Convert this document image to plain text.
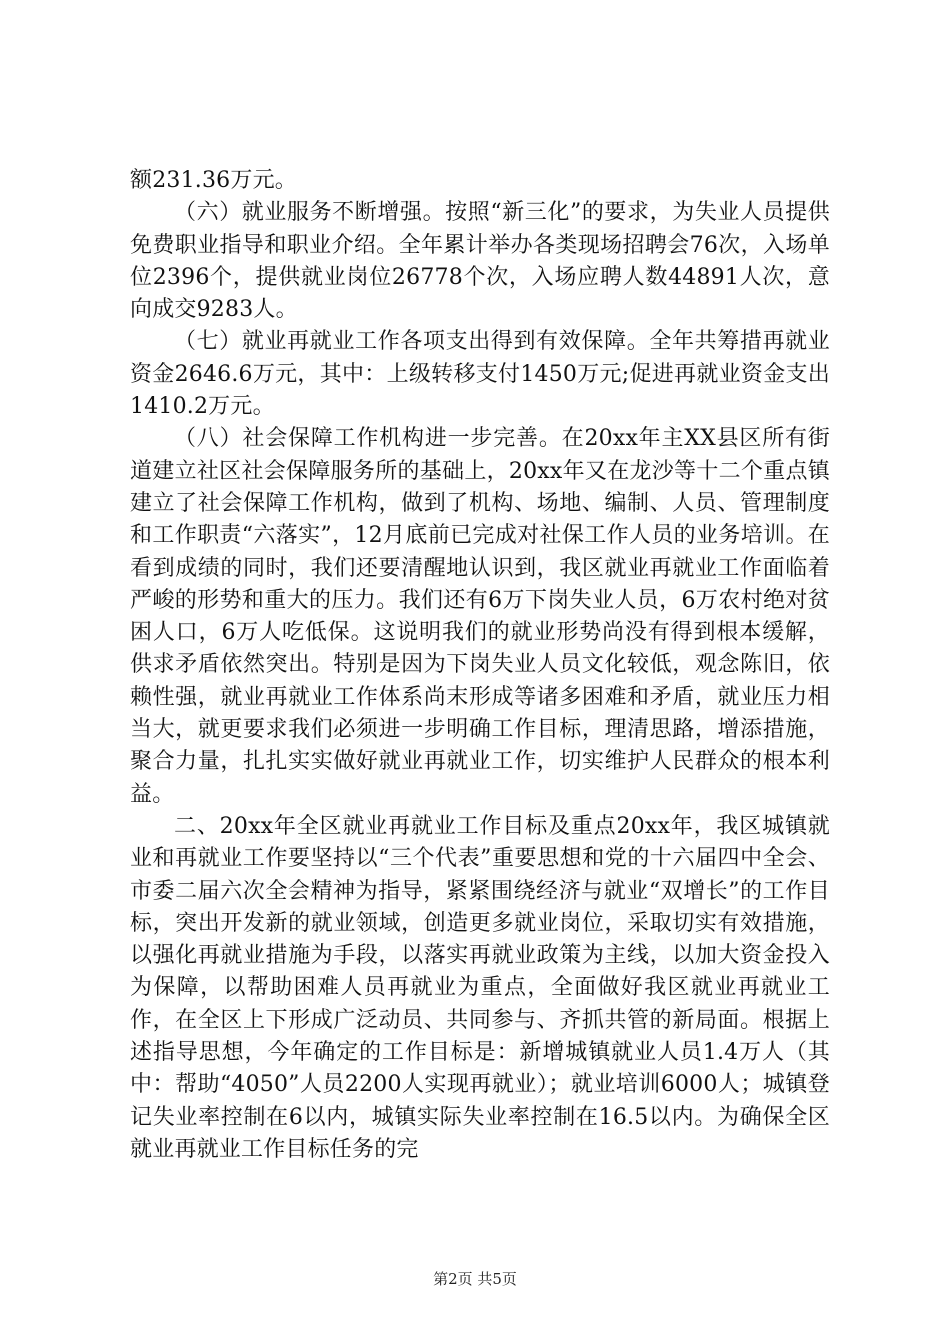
额231.36万元。

（六）就业服务不断增强。按照“新三化”的要求，为失业人员提供免费职业指导和职业介绍。全年累计举办各类现场招聘会76次，入场单位2396个，提供就业岗位26778个次，入场应聘人数44891人次，意向成交9283人。

（七）就业再就业工作各项支出得到有效保障。全年共筹措再就业资金2646.6万元，其中：上级转移支付1450万元;促进再就业资金支出1410.2万元。

（八）社会保障工作机构进一步完善。在20xx年主XX县区所有街道建立社区社会保障服务所的基础上，20xx年又在龙沙等十二个重点镇建立了社会保障工作机构，做到了机构、场地、编制、人员、管理制度和工作职责“六落实”，12月底前已完成对社保工作人员的业务培训。在看到成绩的同时，我们还要清醒地认识到，我区就业再就业工作面临着严峻的形势和重大的压力。我们还有6万下岗失业人员，6万农村绝对贫困人口，6万人吃低保。这说明我们的就业形势尚没有得到根本缓解，供求矛盾依然突出。特别是因为下岗失业人员文化较低，观念陈旧，依赖性强，就业再就业工作体系尚末形成等诸多困难和矛盾，就业压力相当大，就更要求我们必须进一步明确工作目标，理清思路，增添措施，聚合力量，扎扎实实做好就业再就业工作，切实维护人民群众的根本利益。

二、20xx年全区就业再就业工作目标及重点20xx年，我区城镇就业和再就业工作要坚持以“三个代表”重要思想和党的十六届四中全会、市委二届六次全会精神为指导，紧紧围绕经济与就业“双增长”的工作目标，突出开发新的就业领域，创造更多就业岗位，采取切实有效措施，以强化再就业措施为手段，以落实再就业政策为主线，以加大资金投入为保障，以帮助困难人员再就业为重点，全面做好我区就业再就业工作，在全区上下形成广泛动员、共同参与、齐抓共管的新局面。根据上述指导思想，今年确定的工作目标是：新增城镇就业人员1.4万人（其中：帮助“4050”人员2200人实现再就业）；就业培训6000人；城镇登记失业率控制在6以内，城镇实际失业率控制在16.5以内。为确保全区就业再就业工作目标任务的完

第2页 共5页
